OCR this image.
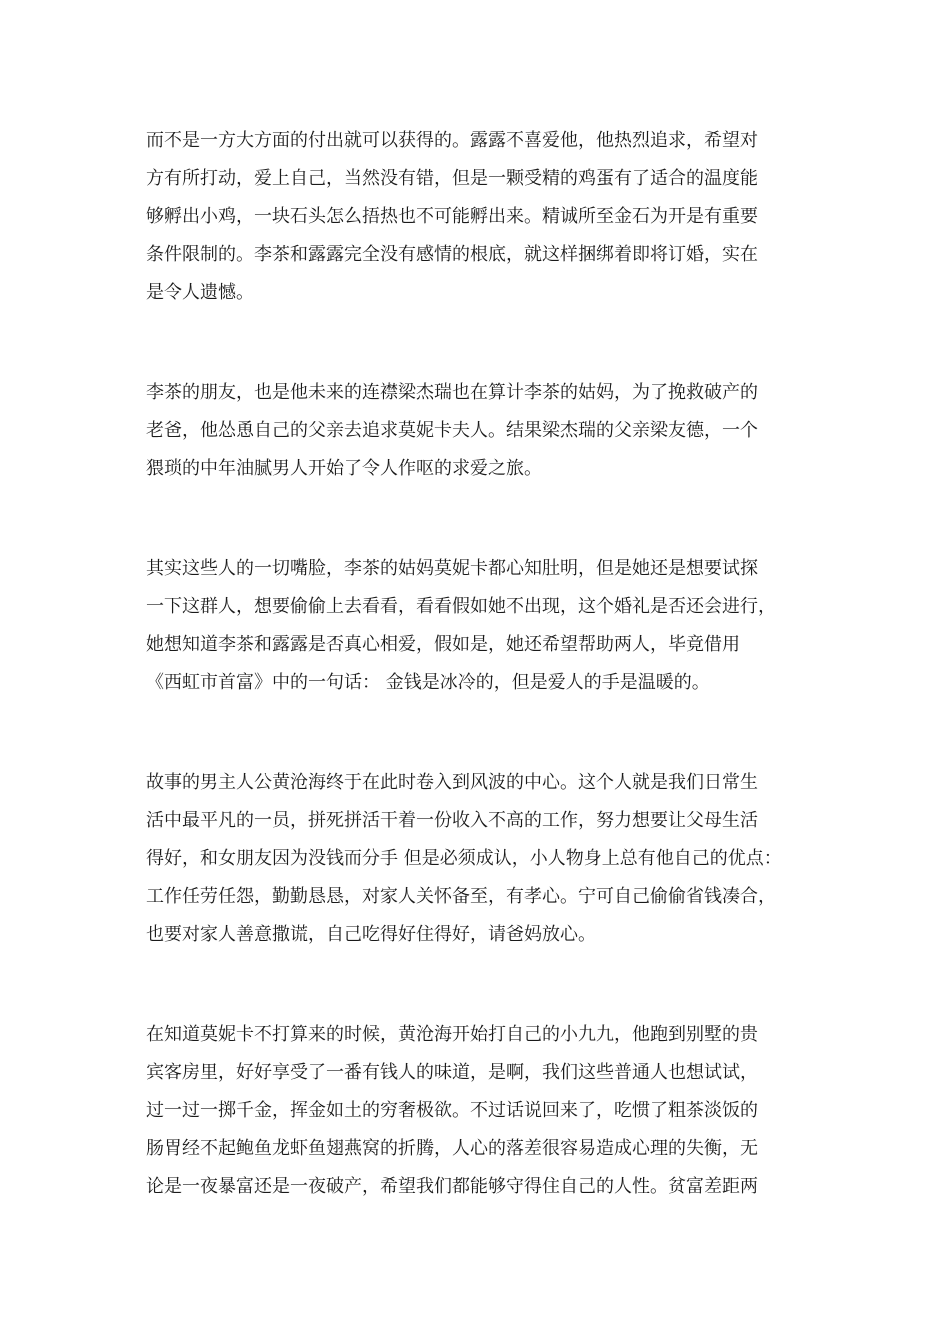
而不是一方大方面的付出就可以获得的。露露不喜爱他，他热烈追求，希望对
方有所打动，爱上自己，当然没有错，但是一颗受精的鸡蛋有了适合的温度能
够孵出小鸡，一块石头怎么捂热也不可能孵出来。精诚所至金石为开是有重要
条件限制的。李茶和露露完全没有感情的根底，就这样捆绑着即将订婚，实在
是令人遗憾。
李茶的朋友，也是他未来的连襟梁杰瑞也在算计李茶的姑妈，为了挽救破产的
老爸，他怂恿自己的父亲去追求莫妮卡夫人。结果梁杰瑞的父亲梁友德，一个
猥琐的中年油腻男人开始了令人作呕的求爱之旅。
其实这些人的一切嘴脸，李茶的姑妈莫妮卡都心知肚明，但是她还是想要试探
一下这群人，想要偷偷上去看看，看看假如她不出现，这个婚礼是否还会进行，
她想知道李茶和露露是否真心相爱，假如是，她还希望帮助两人，毕竟借用
《西虹市首富》中的一句话： 金钱是冰冷的，但是爱人的手是温暖的。
故事的男主人公黄沧海终于在此时卷入到风波的中心。这个人就是我们日常生
活中最平凡的一员，拼死拼活干着一份收入不高的工作，努力想要让父母生活
得好，和女朋友因为没钱而分手 但是必须成认，小人物身上总有他自己的优点：
工作任劳任怨，勤勤恳恳，对家人关怀备至，有孝心。宁可自己偷偷省钱凑合，
也要对家人善意撒谎，自己吃得好住得好，请爸妈放心。
在知道莫妮卡不打算来的时候，黄沧海开始打自己的小九九，他跑到别墅的贵
宾客房里，好好享受了一番有钱人的味道，是啊，我们这些普通人也想试试，
过一过一掷千金，挥金如土的穷奢极欲。不过话说回来了，吃惯了粗茶淡饭的
肠胃经不起鲍鱼龙虾鱼翅燕窝的折腾，人心的落差很容易造成心理的失衡，无
论是一夜暴富还是一夜破产，希望我们都能够守得住自己的人性。贫富差距两
